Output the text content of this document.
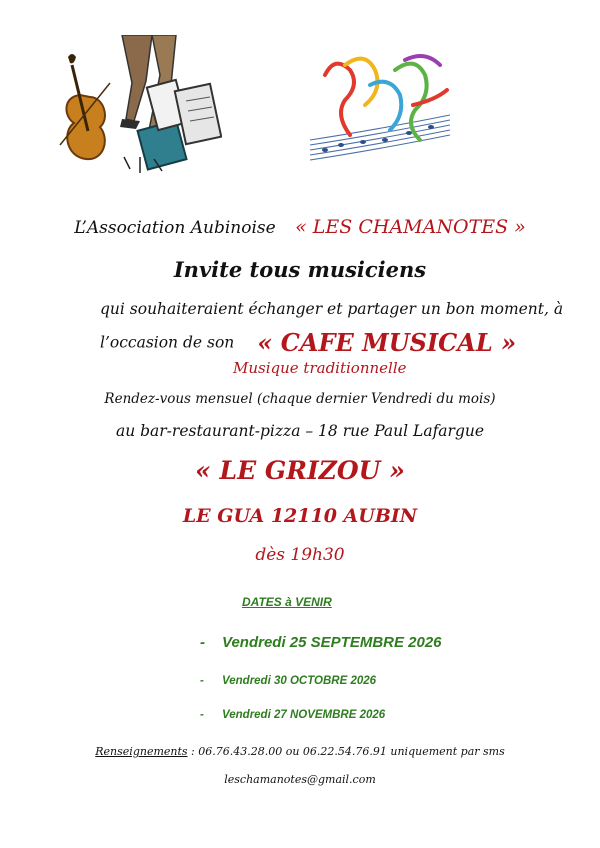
L’Association Aubinoise « LES CHAMANOTES »
Invite tous musiciens
qui souhaiteraient échanger et partager un bon moment, à
l’occasion de son « CAFE MUSICAL »
Musique traditionnelle
Rendez-vous mensuel (chaque dernier Vendredi du mois)
au bar-restaurant-pizza – 18 rue Paul Lafargue
« LE GRIZOU »
LE GUA 12110 AUBIN
dès 19h30
DATES à VENIR
- Vendredi 25 SEPTEMBRE 2026
- Vendredi 30 OCTOBRE 2026
- Vendredi 27 NOVEMBRE 2026
Renseignements : 06.76.43.28.00 ou 06.22.54.76.91 uniquement par sms
leschamanotes@gmail.com
